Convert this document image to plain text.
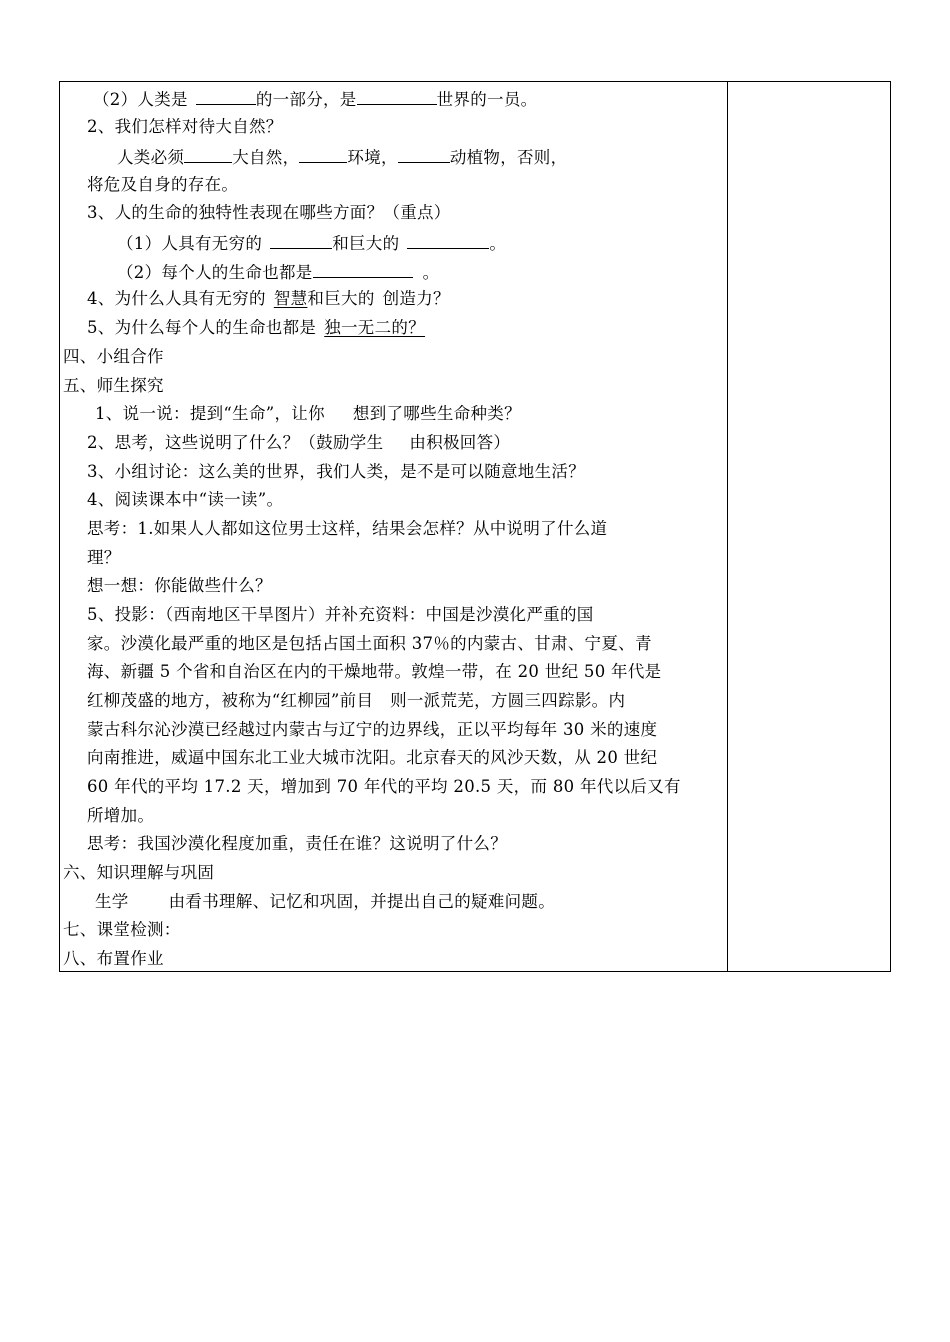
（2）人类是	的一部分，是	世界的一员。
2、我们怎样对待大自然？
人类必须	大自然，	环境，	动植物，否则，
将危及自身的存在。
3、人的生命的独特性表现在哪些方面？（重点）
（1）人具有无穷的	和巨大的	。
（2）每个人的生命也都是	。
4、为什么人具有无穷的 智慧和巨大的 创造力？
5、为什么每个人的生命也都是 独一无二的？
四、小组合作
五、师生探究
1、说一说：提到“生命”，让你 想到了哪些生命种类？
2、思考，这些说明了什么？（鼓励学生 由积极回答）
3、小组讨论：这么美的世界，我们人类，是不是可以随意地生活？
4、阅读课本中“读一读”。
思考：1.如果人人都如这位男士这样，结果会怎样？从中说明了什么道
理？
想一想：你能做些什么？
5、投影：（西南地区干旱图片）并补充资料：中国是沙漠化严重的国
家。沙漠化最严重的地区是包括占国土面积 37％的内蒙古、甘肃、宁夏、青
海、新疆 5 个省和自治区在内的干燥地带。敦煌一带，在 20 世纪 50 年代是
红柳茂盛的地方，被称为“红柳园”前目　则一派荒芜，方圆三四踪影。内
蒙古科尔沁沙漠已经越过内蒙古与辽宁的边界线，正以平均每年 30 米的速度
向南推进，威逼中国东北工业大城市沈阳。北京春天的风沙天数，从 20 世纪
60 年代的平均 17.2 天，增加到 70 年代的平均 20.5 天，而 80 年代以后又有
所增加。
思考：我国沙漠化程度加重，责任在谁？这说明了什么？
六、知识理解与巩固
生学 由看书理解、记忆和巩固，并提出自己的疑难问题。
七、课堂检测：
八、布置作业
